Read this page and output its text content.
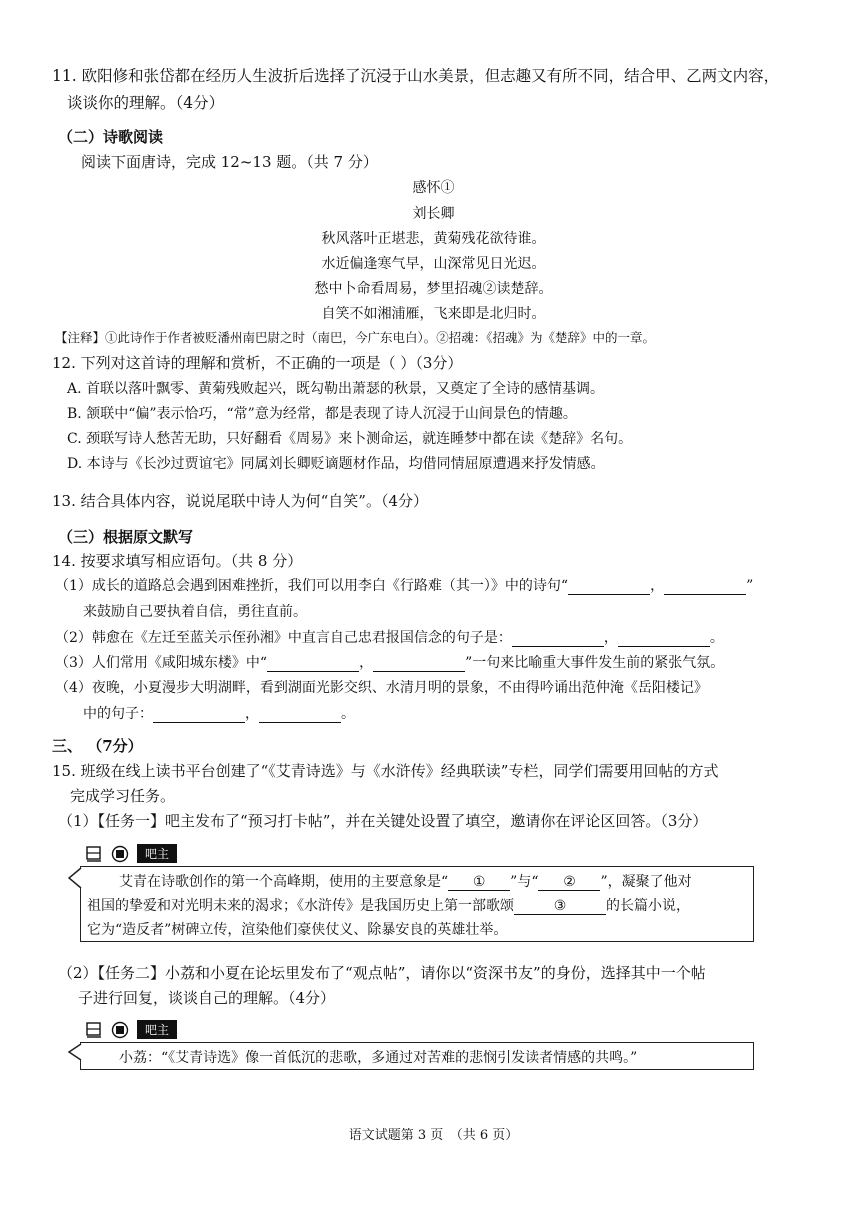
11. 欧阳修和张岱都在经历人生波折后选择了沉浸于山水美景，但志趣又有所不同，结合甲、乙两文内容，
谈谈你的理解。（4分）
（二）诗歌阅读
阅读下面唐诗，完成 12~13 题。（共 7 分）
感怀①
刘长卿
秋风落叶正堪悲，黄菊残花欲待谁。
水近偏逢寒气早，山深常见日光迟。
愁中卜命看周易，梦里招魂②读楚辞。
自笑不如湘浦雁，飞来即是北归时。
【注释】①此诗作于作者被贬潘州南巴尉之时（南巴，今广东电白）。②招魂：《招魂》为《楚辞》中的一章。
12. 下列对这首诗的理解和赏析，不正确的一项是（ ）（3分）
A. 首联以落叶飘零、黄菊残败起兴，既勾勒出萧瑟的秋景，又奠定了全诗的感情基调。
B. 颔联中“偏”表示恰巧，“常”意为经常，都是表现了诗人沉浸于山间景色的情趣。
C. 颈联写诗人愁苦无助，只好翻看《周易》来卜测命运，就连睡梦中都在读《楚辞》名句。
D. 本诗与《长沙过贾谊宅》同属刘长卿贬谪题材作品，均借同情屈原遭遇来抒发情感。
13. 结合具体内容，说说尾联中诗人为何“自笑”。（4分）
（三）根据原文默写
14. 按要求填写相应语句。（共 8 分）
（1）成长的道路总会遇到困难挫折，我们可以用李白《行路难（其一）》中的诗句“	，	”
来鼓励自己要执着自信，勇往直前。
（2）韩愈在《左迁至蓝关示侄孙湘》中直言自己忠君报国信念的句子是：	，	。
（3）人们常用《咸阳城东楼》中“	，	”一句来比喻重大事件发生前的紧张气氛。
（4）夜晚，小夏漫步大明湖畔，看到湖面光影交织、水清月明的景象，不由得吟诵出范仲淹《岳阳楼记》
中的句子：	，	。
三、 （7分）
15. 班级在线上读书平台创建了“《艾青诗选》与《水浒传》经典联读”专栏，同学们需要用回帖的方式
完成学习任务。
（1）【任务一】吧主发布了“预习打卡帖”，并在关键处设置了填空，邀请你在评论区回答。（3分）
吧主
艾青在诗歌创作的第一个高峰期，使用的主要意象是“ ① ”与“ ② ”，凝聚了他对
祖国的挚爱和对光明未来的渴求；《水浒传》是我国历史上第一部歌颂	③	的长篇小说，
它为“造反者”树碑立传，渲染他们豪侠仗义、除暴安良的英雄壮举。
（2）【任务二】小荔和小夏在论坛里发布了“观点帖”，请你以“资深书友”的身份，选择其中一个帖
子进行回复，谈谈自己的理解。（4分）
吧主
小荔：“《艾青诗选》像一首低沉的悲歌，多通过对苦难的悲悯引发读者情感的共鸣。”
语文试题第 3 页　（共 6 页）
